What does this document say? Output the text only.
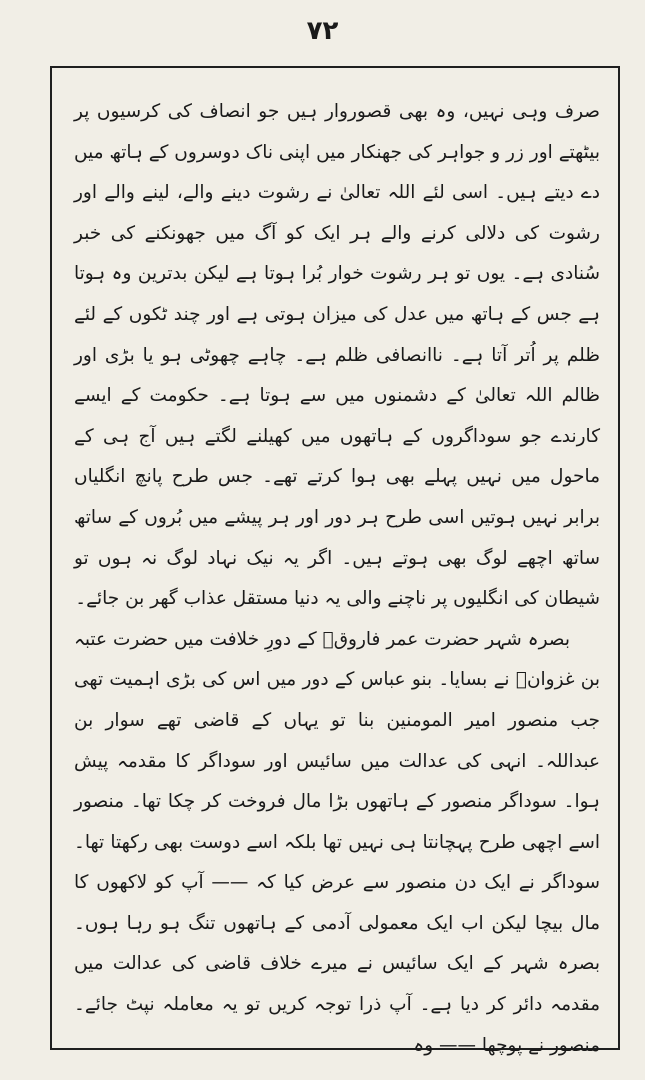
۷۲

صرف وہی نہیں، وہ بھی قصوروار ہیں جو انصاف کی کرسیوں پر بیٹھتے اور زر و جواہر کی جھنکار میں اپنی ناک دوسروں کے ہاتھ میں دے دیتے ہیں۔ اسی لئے اللہ تعالیٰ نے رشوت دینے والے، لینے والے اور رشوت کی دلالی کرنے والے ہر ایک کو آگ میں جھونکنے کی خبر سُنادی ہے۔ یوں تو ہر رشوت خوار بُرا ہوتا ہے لیکن بدترین وہ ہوتا ہے جس کے ہاتھ میں عدل کی میزان ہوتی ہے اور چند ٹکوں کے لئے ظلم پر اُتر آتا ہے۔ ناانصافی ظلم ہے۔ چاہے چھوٹی ہو یا بڑی اور ظالم اللہ تعالیٰ کے دشمنوں میں سے ہوتا ہے۔ حکومت کے ایسے کارندے جو سوداگروں کے ہاتھوں میں کھیلنے لگتے ہیں آج ہی کے ماحول میں نہیں پہلے بھی ہوا کرتے تھے۔ جس طرح پانچ انگلیاں برابر نہیں ہوتیں اسی طرح ہر دور اور ہر پیشے میں بُروں کے ساتھ ساتھ اچھے لوگ بھی ہوتے ہیں۔ اگر یہ نیک نہاد لوگ نہ ہوں تو شیطان کی انگلیوں پر ناچنے والی یہ دنیا مستقل عذاب گھر بن جائے۔

بصرہ شہر حضرت عمر فاروقؓ کے دورِ خلافت میں حضرت عتبہ بن غزوانؓ نے بسایا۔ بنو عباس کے دور میں اس کی بڑی اہمیت تھی جب منصور امیر المومنین بنا تو یہاں کے قاضی تھے سوار بن عبداللہ۔ انہی کی عدالت میں سائیس اور سوداگر کا مقدمہ پیش ہوا۔ سوداگر منصور کے ہاتھوں بڑا مال فروخت کر چکا تھا۔ منصور اسے اچھی طرح پہچانتا ہی نہیں تھا بلکہ اسے دوست بھی رکھتا تھا۔ سوداگر نے ایک دن منصور سے عرض کیا کہ —— آپ کو لاکھوں کا مال بیچا لیکن اب ایک معمولی آدمی کے ہاتھوں تنگ ہو رہا ہوں۔ بصرہ شہر کے ایک سائیس نے میرے خلاف قاضی کی عدالت میں مقدمہ دائر کر دیا ہے۔ آپ ذرا توجہ کریں تو یہ معاملہ نپٹ جائے۔ منصور نے پوچھا —— وہ
